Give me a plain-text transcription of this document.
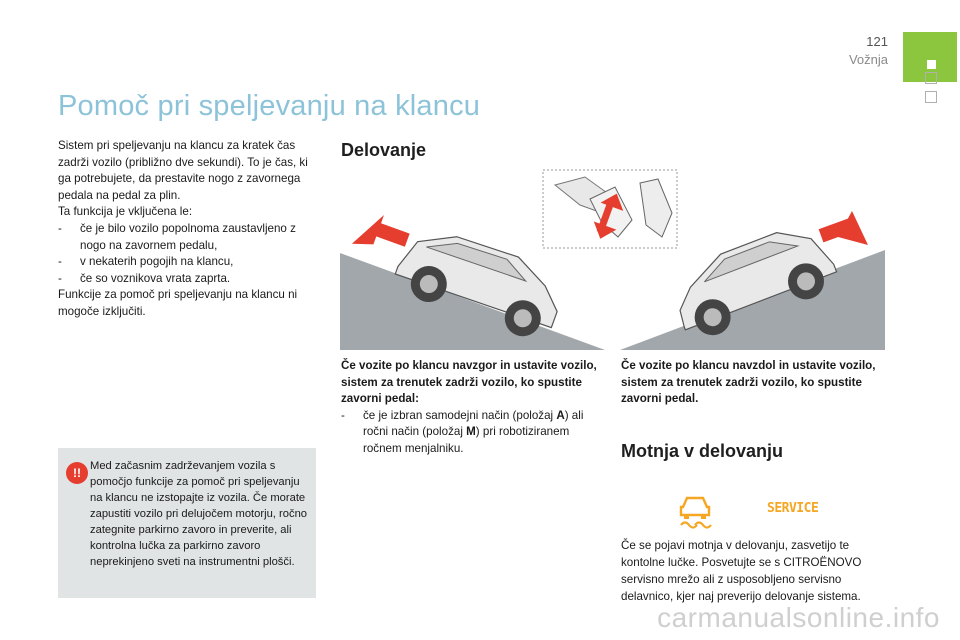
121
Vožnja
Pomoč pri speljevanju na klancu
Sistem pri speljevanju na klancu za kratek čas zadrži vozilo (približno dve sekundi). To je čas, ki ga potrebujete, da prestavite nogo z zavornega pedala na pedal za plin.
Ta funkcija je vključena le:
-	če je bilo vozilo popolnoma zaustavljeno z nogo na zavornem pedalu,
-	v nekaterih pogojih na klancu,
-	če so voznikova vrata zaprta.
Funkcije za pomoč pri speljevanju na klancu ni mogoče izključiti.
!! Med začasnim zadrževanjem vozila s pomočjo funkcije za pomoč pri speljevanju na klancu ne izstopajte iz vozila. Če morate zapustiti vozilo pri delujočem motorju, ročno zategnite parkirno zavoro in preverite, ali kontrolna lučka za parkirno zavoro neprekinjeno sveti na instrumentni plošči.
Delovanje
Če vozite po klancu navzgor in ustavite vozilo, sistem za trenutek zadrži vozilo, ko spustite zavorni pedal:
-	če je izbran samodejni način (položaj A) ali ročni način (položaj M) pri robotiziranem ročnem menjalniku.
Če vozite po klancu navzdol in ustavite vozilo, sistem za trenutek zadrži vozilo, ko spustite zavorni pedal.
Motnja v delovanju
SERVICE
Če se pojavi motnja v delovanju, zasvetijo te kontolne lučke. Posvetujte se s CITROËNOVO servisno mrežo ali z usposobljeno servisno delavnico, kjer naj preverijo delovanje sistema.
carmanualsonline.info
